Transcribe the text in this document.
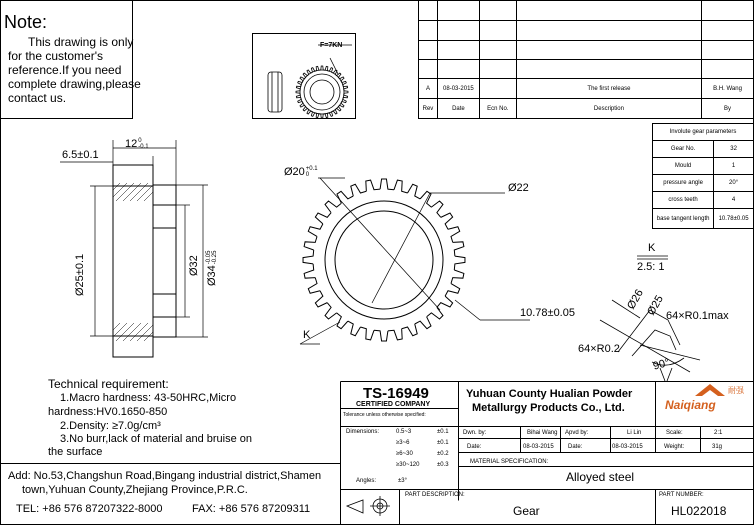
Note:
This drawing is only
for the customer's
reference.If you need
complete drawing,please
contact us.
F=7KN

A	08-03-2015		The first release	B.H. Wang
Rev	Date	Ecn No.	Description	By
Involute gear parameters	
Gear No.	32
Mould	1
pressure angle	20°
cross teeth	4
base tangent length	10.78±0.05
120
-0.1
6.5±0.1
Ø25±0.1	Ø32 Ø34-0.05
-0.25
Ø20+0.1
0
Ø22
10.78±0.05
K
K
2.5: 1
Ø26 Ø25 64×R0.1max
64×R0.2
90°
Technical requirement:
1.Macro hardness: 43-50HRC,Micro
hardness:HV0.1650-850
2.Density: ≥7.0g/cm³
3.No burr,lack of material and bruise on
the surface
Add: No.53,Changshun Road,Bingang industrial district,Shamen
town,Yuhuan County,Zhejiang Province,P.R.C.
TEL: +86 576 87207322-8000	FAX: +86 576 87209311
TS-16949
CERTIFIED COMPANY
Yuhuan County Hualian Powder
Metallurgy Products Co., Ltd.	Naiqiang
耐强
Tolerance unless otherwise specified:
Dimensions:	0.5~3	±0.1
≥3~6	±0.1
≥6~30	±0.2
≥30~120	±0.3
Angles:	±3°
Dwn. by:	Bihai Wang Apvd by:	Li Lin	Scale:	2:1
Date:	08-03-2015 Date:	08-03-2015	Weight:	31g
MATERIAL SPECIFICATION:
Alloyed steel
PART DESCRIPTION:
Gear
PART NUMBER:
HL022018
